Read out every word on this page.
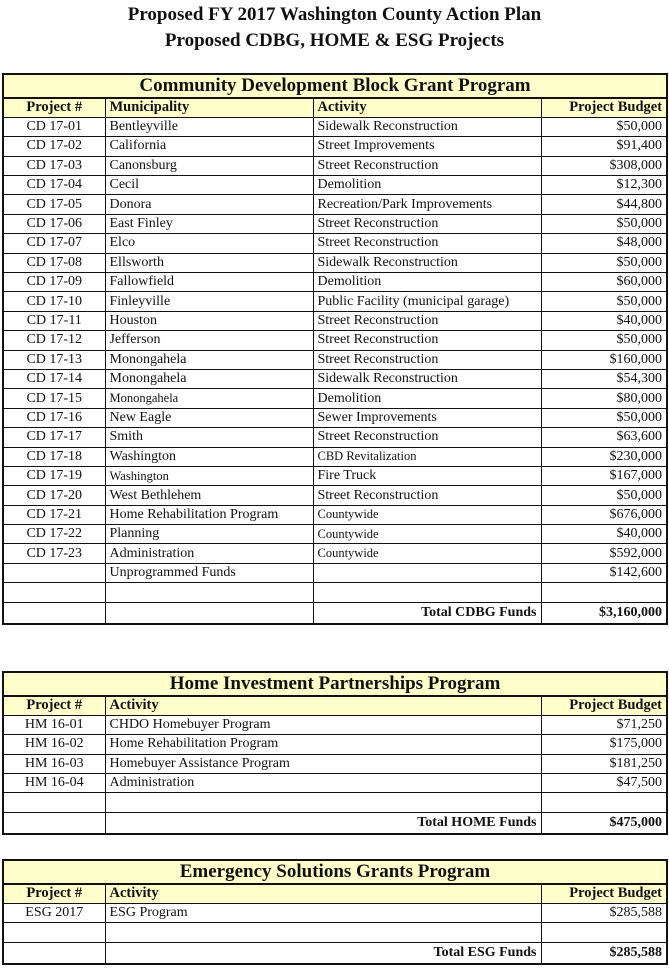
Proposed FY 2017 Washington County Action Plan
Proposed CDBG, HOME & ESG Projects
Community Development Block Grant Program			
Project #	Municipality	Activity	Project Budget
CD 17-01	Bentleyville	Sidewalk Reconstruction	$50,000
CD 17-02	California	Street Improvements	$91,400
CD 17-03	Canonsburg	Street Reconstruction	$308,000
CD 17-04	Cecil	Demolition	$12,300
CD 17-05	Donora	Recreation/Park Improvements	$44,800
CD 17-06	East Finley	Street Reconstruction	$50,000
CD 17-07	Elco	Street Reconstruction	$48,000
CD 17-08	Ellsworth	Sidewalk Reconstruction	$50,000
CD 17-09	Fallowfield	Demolition	$60,000
CD 17-10	Finleyville	Public Facility (municipal garage)	$50,000
CD 17-11	Houston	Street Reconstruction	$40,000
CD 17-12	Jefferson	Street Reconstruction	$50,000
CD 17-13	Monongahela	Street Reconstruction	$160,000
CD 17-14	Monongahela	Sidewalk Reconstruction	$54,300
CD 17-15	Monongahela	Demolition	$80,000
CD 17-16	New Eagle	Sewer Improvements	$50,000
CD 17-17	Smith	Street Reconstruction	$63,600
CD 17-18	Washington	CBD Revitalization	$230,000
CD 17-19	Washington	Fire Truck	$167,000
CD 17-20	West Bethlehem	Street Reconstruction	$50,000
CD 17-21	Home Rehabilitation Program	Countywide	$676,000
CD 17-22	Planning	Countywide	$40,000
CD 17-23	Administration	Countywide	$592,000
	Unprogrammed Funds		$142,600

		Total CDBG Funds	$3,160,000
Home Investment Partnerships Program		
Project #	Activity	Project Budget
HM 16-01	CHDO Homebuyer Program	$71,250
HM 16-02	Home Rehabilitation Program	$175,000
HM 16-03	Homebuyer Assistance Program	$181,250
HM 16-04	Administration	$47,500

	Total HOME Funds	$475,000
Emergency Solutions Grants Program		
Project #	Activity	Project Budget
ESG 2017	ESG Program	$285,588

	Total ESG Funds	$285,588
